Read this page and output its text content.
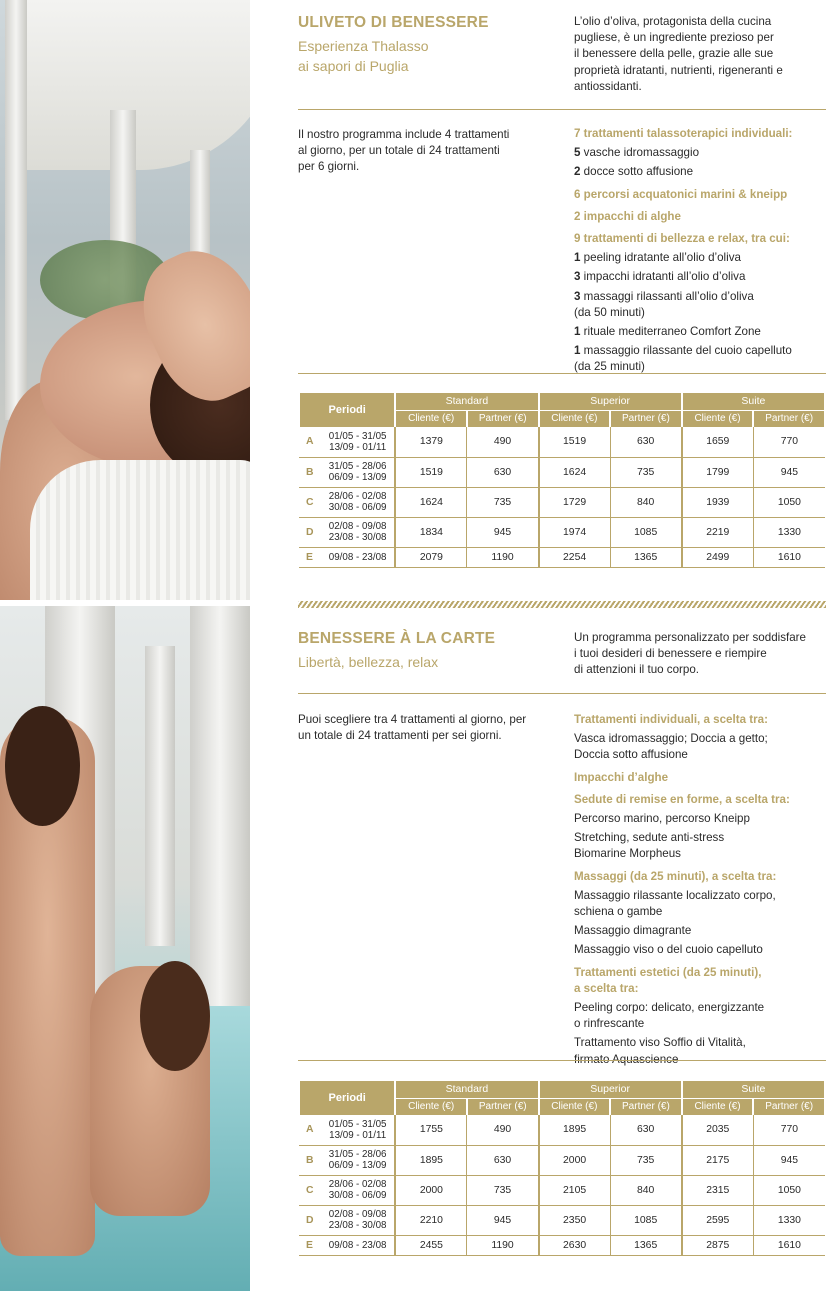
ULIVETO DI BENESSERE
Esperienza Thalasso
ai sapori di Puglia
L’olio d’oliva, protagonista della cucina
pugliese, è un ingrediente prezioso per
il benessere della pelle, grazie alle sue
proprietà idratanti, nutrienti, rigeneranti e
antiossidanti.
Il nostro programma include 4 trattamenti
al giorno, per un totale di 24 trattamenti
per 6 giorni.
7 trattamenti talassoterapici individuali:
5 vasche idromassaggio
2 docce sotto affusione
6 percorsi acquatonici marini & kneipp
2 impacchi di alghe
9 trattamenti di bellezza e relax, tra cui:
1 peeling idratante all’olio d’oliva
3 impacchi idratanti all’olio d’oliva
3 massaggi rilassanti all’olio d’oliva
(da 50 minuti)
1 rituale mediterraneo Comfort Zone
1 massaggio rilassante del cuoio capelluto
(da 25 minuti)
Periodi		Standard		Superior		Suite	
		Cliente (€)	Partner (€)	Cliente (€)	Partner (€)	Cliente (€)	Partner (€)
A	01/05 - 31/05
13/09 - 01/11	1379	490	1519	630	1659	770
B	31/05 - 28/06
06/09 - 13/09	1519	630	1624	735	1799	945
C	28/06 - 02/08
30/08 - 06/09	1624	735	1729	840	1939	1050
D	02/08 - 09/08
23/08 - 30/08	1834	945	1974	1085	2219	1330
E	09/08 - 23/08	2079	1190	2254	1365	2499	1610
BENESSERE À LA CARTE
Libertà, bellezza, relax
Un programma personalizzato per soddisfare
i tuoi desideri di benessere e riempire
di attenzioni il tuo corpo.
Puoi scegliere tra 4 trattamenti al giorno, per
un totale di 24 trattamenti per sei giorni.
Trattamenti individuali, a scelta tra:
Vasca idromassaggio; Doccia a getto;
Doccia sotto affusione
Impacchi d’alghe
Sedute di remise en forme, a scelta tra:
Percorso marino, percorso Kneipp
Stretching, sedute anti-stress
Biomarine Morpheus
Massaggi (da 25 minuti), a scelta tra:
Massaggio rilassante localizzato corpo,
schiena o gambe
Massaggio dimagrante
Massaggio viso o del cuoio capelluto
Trattamenti estetici (da 25 minuti),
a scelta tra:
Peeling corpo: delicato, energizzante
o rinfrescante
Trattamento viso Soffio di Vitalità,
Periodi		Standard		Superior		Suite	
		Cliente (€)	Partner (€)	Cliente (€)	Partner (€)	Cliente (€)	Partner (€)
A	01/05 - 31/05
13/09 - 01/11	1755	490	1895	630	2035	770
B	31/05 - 28/06
06/09 - 13/09	1895	630	2000	735	2175	945
C	28/06 - 02/08
30/08 - 06/09	2000	735	2105	840	2315	1050
D	02/08 - 09/08
23/08 - 30/08	2210	945	2350	1085	2595	1330
E	09/08 - 23/08	2455	1190	2630	1365	2875	1610
